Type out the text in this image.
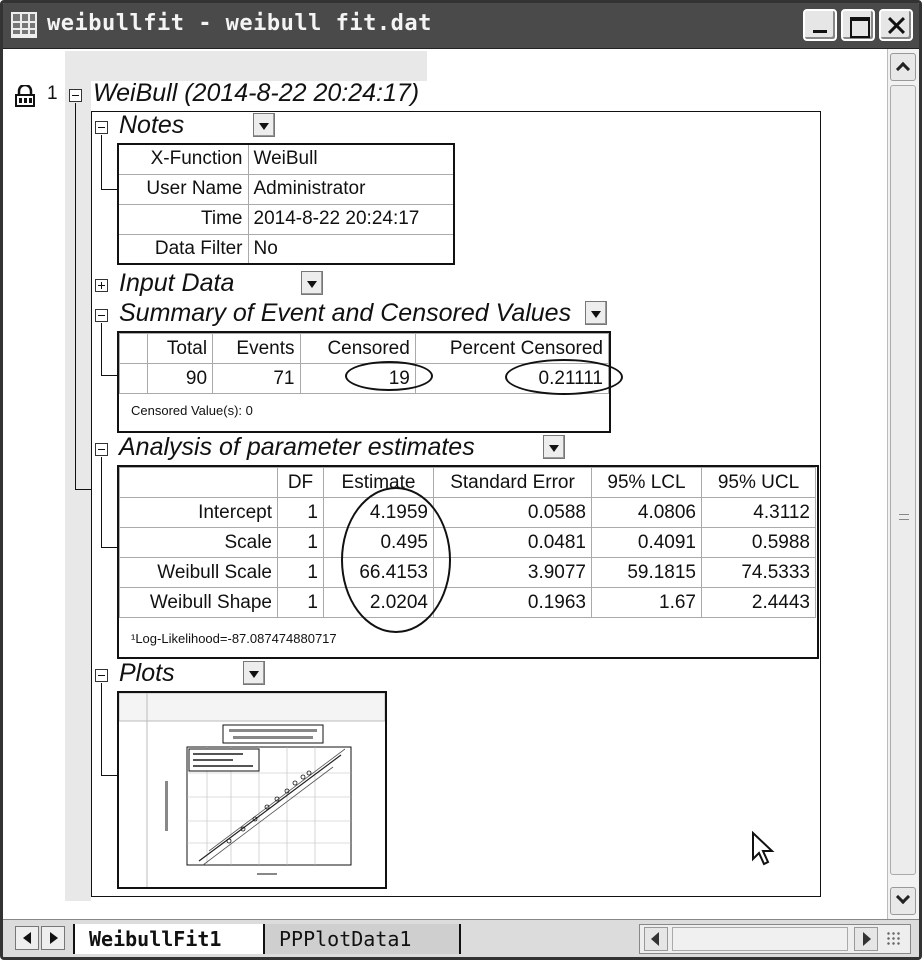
weibullfit - weibull fit.dat
1 WeiBull (2014-8-22 20:24:17)
Notes
X-Function	WeiBull
User Name	Administrator
Time	2014-8-22 20:24:17
Data Filter	No
Input Data
Summary of Event and Censored Values
	Total	Events	Censored	Percent Censored
	90	71	19	0.21111
Censored Value(s): 0
Analysis of parameter estimates
	DF	Estimate	Standard Error	95% LCL	95% UCL
Intercept	1	4.1959	0.0588	4.0806	4.3112
Scale	1	0.495	0.0481	0.4091	0.5988
Weibull Scale	1	66.4153	3.9077	59.1815	74.5333
Weibull Shape	1	2.0204	0.1963	1.67	2.4443
¹Log-Likelihood=-87.087474880717
Plots
WeibullFit1	PPPlotData1
